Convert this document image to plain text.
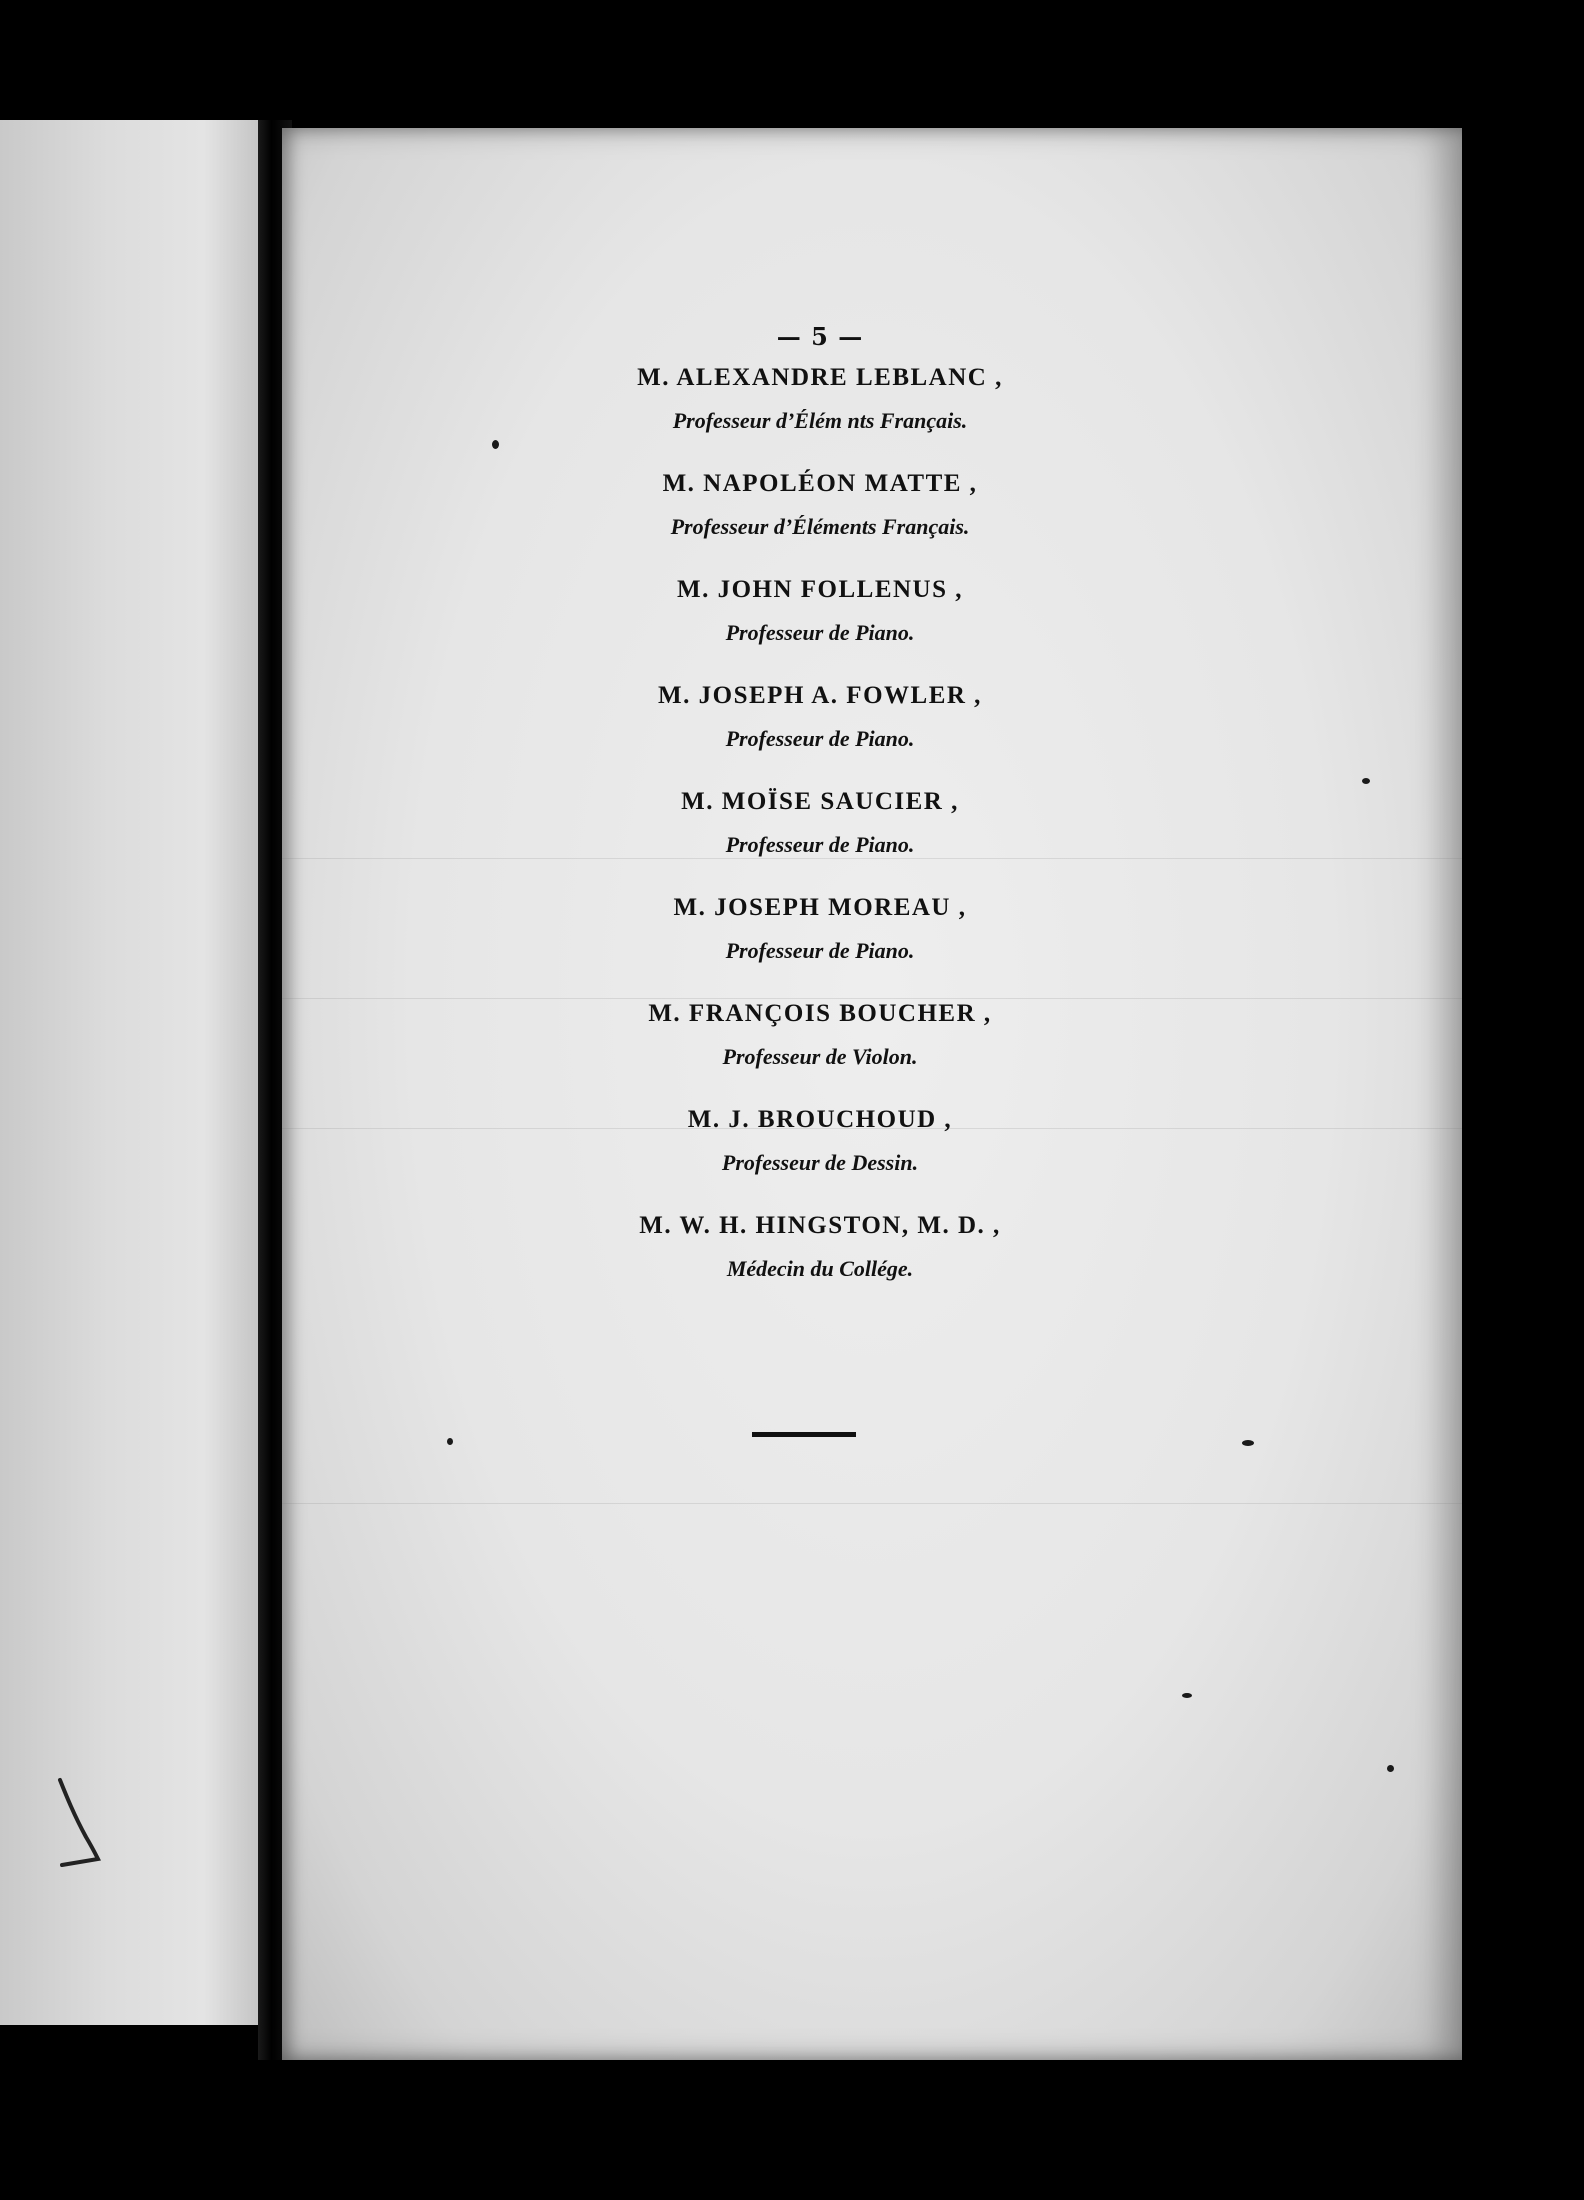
— 5 —
M. ALEXANDRE LEBLANC ,
Professeur d’Élém nts Français.
M. NAPOLÉON MATTE ,
Professeur d’Éléments Français.
M. JOHN FOLLENUS ,
Professeur de Piano.
M. JOSEPH A. FOWLER ,
Professeur de Piano.
M. MOÏSE SAUCIER ,
Professeur de Piano.
M. JOSEPH MOREAU ,
Professeur de Piano.
M. FRANÇOIS BOUCHER ,
Professeur de Violon.
M. J. BROUCHOUD ,
Professeur de Dessin.
M. W. H. HINGSTON, M. D. ,
Médecin du Collége.
